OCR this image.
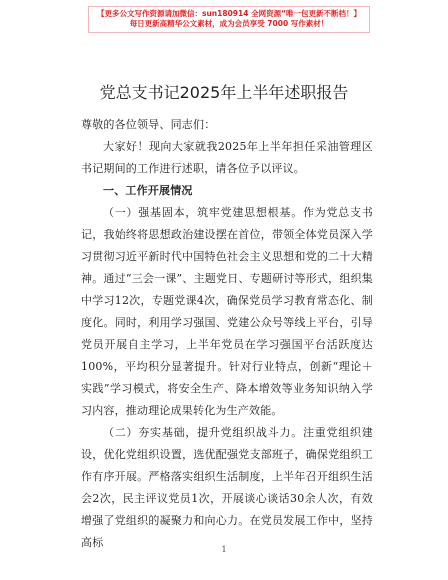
【更多公文写作资源请加微信：sun180914 全网资源“唯一包更新不断档！】
每日更新高精华公文素材，成为会员享受 7000 写作素材！
党总支书记2025年上半年述职报告

尊敬的各位领导、同志们：

大家好！现向大家就我2025年上半年担任采油管理区书记期间的工作进行述职，请各位予以评议。

一、工作开展情况

（一）强基固本，筑牢党建思想根基。作为党总支书记，我始终将思想政治建设摆在首位，带领全体党员深入学习贯彻习近平新时代中国特色社会主义思想和党的二十大精神。通过“三会一课”、主题党日、专题研讨等形式，组织集中学习12次，专题党课4次，确保党员学习教育常态化、制度化。同时，利用学习强国、党建公众号等线上平台，引导党员开展自主学习，上半年党员在学习强国平台活跃度达100%，平均积分显著提升。针对行业特点，创新“理论＋实践”学习模式，将安全生产、降本增效等业务知识纳入学习内容，推动理论成果转化为生产效能。

（二）夯实基础，提升党组织战斗力。注重党组织建设，优化党组织设置，选优配强党支部班子，确保党组织工作有序开展。严格落实组织生活制度，上半年召开组织生活会2次，民主评议党员1次，开展谈心谈话30余人次，有效增强了党组织的凝聚力和向心力。在党员发展工作中，坚持高标

1
